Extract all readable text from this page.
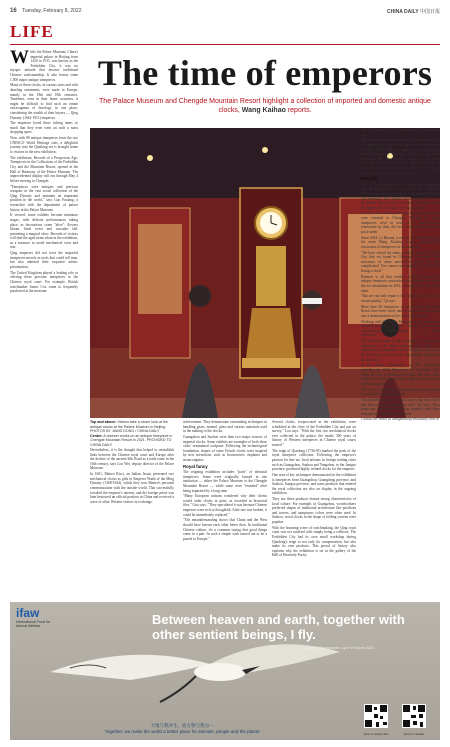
16 Tuesday, February 8, 2022	CHINA DAILY 中国日报
LIFE

While the Palace Museum, China's imperial palace in Beijing from 1420 to 1911, was known as the Forbidden City, it was no myopic attitude that decrees traditional Chinese craftsmanship. It also boasts some 1,500 major antique timepieces.

Many of these clocks, in various sizes and with dazzling ornaments, were made in Europe, mainly in the 18th and 19th centuries. Timelines, even in their home countries, it might be difficult to find such an ornate extravaganza of horology in one place, considering the wealth of their buyers — Qing Dynasty (1644-1911) emperors.

The emperors loved these ticking items so much that they even went on such a mass shopping spree.

Now, with 80 antique timepieces from the two UNESCO World Heritage sites, a delightful journey into the Qianlong era is brought home to visitors in the new exhibition.

The exhibition, Records of a Prosperous Age: Timepieces in the Collections of the Forbidden City and the Mountain Resort, opened at the Hall of Harmony of the Palace Museum. The unprecedented display will run through May 4 before moving to Chengde.

"Timepieces were antiques and precious weapons in the vast social collection of the Qing Dynasty and maintain an important position in the world," says Guo Fuxiang, a researcher with the department of palace history at the Palace Museum.

If viewed, some exhibits become miniature stages, with delicate performances taking place, as decorations come "alive": flowers bloom, birds tweet and cascades fall, presenting a magical show. Records of visitors will find the aged items silent in the exhibition, as a measure to avoid mechanical wear and tear.

Qing emperors did not treat the imported timepieces merely as tools that could tell time, but also admired their exquisite artistic presentation.

The United Kingdom played a leading role in offering these precious timepieces to the Chinese royal court. For example, British watchmaker James Cox came to frequently purchased at the museum.

The time of emperors
The Palace Museum and Chengde Mountain Resort highlight a collection of imported and domestic antique clocks, Wang Kaihao reports.
Top and above: Visitors take a closer look at the antique clocks at the Palace Museum in Beijing. PHOTOS BY JIANG DONG / CHINA DAILY
Center: A restorer works on an antique timepiece in Chengde Mountain Resort in 2021. PROVIDED TO CHINA DAILY

achievement. They demonstrate outstanding techniques in handling gears, enamel, glass and various materials used in the making of the clocks.

Guangzhou and Suzhou were then two major sources of imperial clocks. Some exhibits are examples of both these cities' ornamental sculpture. Following the technological foundation, shapes of some French clocks were inspired by new inventions, such as locomotives, airplanes and steam engines.

Royal fancy

The reigning exhibition includes "pairs" of identical timepieces. Some were originally housed in one institution — either the Palace Museum or the Chengde Mountain Resort — while some were "reunited" after being separated by a long time.

"Many European artisans wondered why their clients would order clocks in pairs, as recorded in historical files," Guo says. "They speculated it was because Chinese emperors were rich or thoughtful. After one was broken, it could be immediately replaced."

"The misunderstanding shows that China and the West should have known each other better then. In traditional Chinese culture, it's a common saying that good things come in a pair. In such a simple wish turned out to be a puzzle to Europe."

Nevertheless, it is the thought that helped to reestablish links between the Chinese royal court and Europe after the decline of the ancient Silk Road as a trade route in the 16th century, says Lou Wei, deputy director of the Palace Museum.

In 1601, Matteo Ricci, an Italian Jesuit, presented two mechanical clocks as gifts to Emperor Wanli of the Ming Dynasty (1368-1644), which they won Matteo's personal communication with the outside world. That successfully tweaked the emperor's interest, and the foreign priest was later bestowed an official position in China and received a wave of other Western visitors in exchange.

Several clocks, reciprocated in the exhibition, were scheduled at the close of the Forbidden City and put on survey," Lou says. "With the first two mechanical clocks ever collected in the palace, the nearly 300 years of history of Western timepieces in Chinese royal courts started."

The reign of Qianlong (1736-95) marked the peak of the royal timepiece collection. Following the emperor's passion for fine art, local artisans in foreign trading cities such as Guangzhou, Suzhou and Yangzhou, in the Jiangsu province, produced highly refined clocks for the emperor.

One area of key techniques demonstrated in the exhibition is timepieces from Guangzhou, Guangdong province, and Suzhou, Jiangsu province, and some products that entered the royal collection are also on display in the ongoing exhibition.

They use these products feature strong characteristics of local culture. For example, in Guangzhou, woodworkers preferred shapes of traditional architecture like pavilions and towers, and sumptuous colors were often used. In Suzhou, wood clocks in the shape of folding screens were popular.

With the booming scene of watchmaking, the Qing royal court was not satisfied with simply being a collector. The Forbidden City had its own small workshop during Qianlong's reign to not only fix compensation, but also make its own products. This period of history also explains why the exhibition is set in the gallery of the Hall of Heavenly Purity.

Purity. That was where the imperial workshop once was.

The timepieces represent not only the glorious days of the imperial age, but also its decline. When Emperor Guangxu (1875-1908) was under house arrest by the powerful Empress Dowager Cixi, and helplessly witnessed the deep social collapse of his time, repairing clocks at the Palace Museum ended, as Guangxu told his relatives that there were clocks in the collection of about 20,000 pieces.

New life

This is the second time the timepieces from the Chengde Mountain Resort have left as one. As the War of Resistance Against Japanese Aggression (1931-45) was underway, key cultural relics were moved out of the former imperial resort and they were taken out of Chengde and it took half a century to return.

In 1934, when leaving Nanjing, these precious items were returned to Chengde. Through the aging timepieces were in need of a comprehensive renovation by then, the lack of necessary equipment put it under.

Since 2018, Li Haoran, a restorer at the museum, and his team Wang Xiaoting began comprehensive restoration of timepieces at the museum.

"We have solved the same problems in the Forbidden City that we found in Chengde," Qi recalls. "But structures of some mechanical places are very complicated. You cannot run against the clock when fixing a clock."

Patience is all they needed. A pilot program for antique timepiece restoration was officially set up by the two institutions in 2014, with seven restorers in the team.

"But we can only repair a few long-time processes to ensure quality," Qi says.

More than 30 timepieces of the Chengde Mountain Resort have been fixed, and the ongoing exhibition is also a demonstration of the team's achievement.

Working with the Palace Museum on restoration was mutually beneficial, Qi says. "We now have a more comprehensive understanding of our entire collection."

The technique used in the restoration of the antique timepieces at the Palace Museum was listed as a national-level intangible cultural heritage in 2014, but Qi and Wang used to be the only regular restorers at the museum.

In the online documentary on the restoration, including the 2016 Masters in the Forbidden City, Wang Jin was a celebrity overnight, and since then, numerous young people have applied for the once lonesome position.

The seven restorers at the Palace Museum are teaching a total of 20 young apprentices.

"Accidentally or not, we have a growing team and I also have my own apprentices now," Qi says. "Now items are displayed after being repaired, and these treasures are continuously admired."

Contact the writer at wangkaihao@chinadaily.com.cn

ifaw
International Fund for Animal Welfare	Between heaven and earth, together with other sentient beings, I fly.
— Zhaxiqi, Photographer, Lynx of Nature 2021
天地与我并生，而万物与我为一
Together, we make the world a better place for animals, people and the planet	Scan to follow ifaw	Scan for details
